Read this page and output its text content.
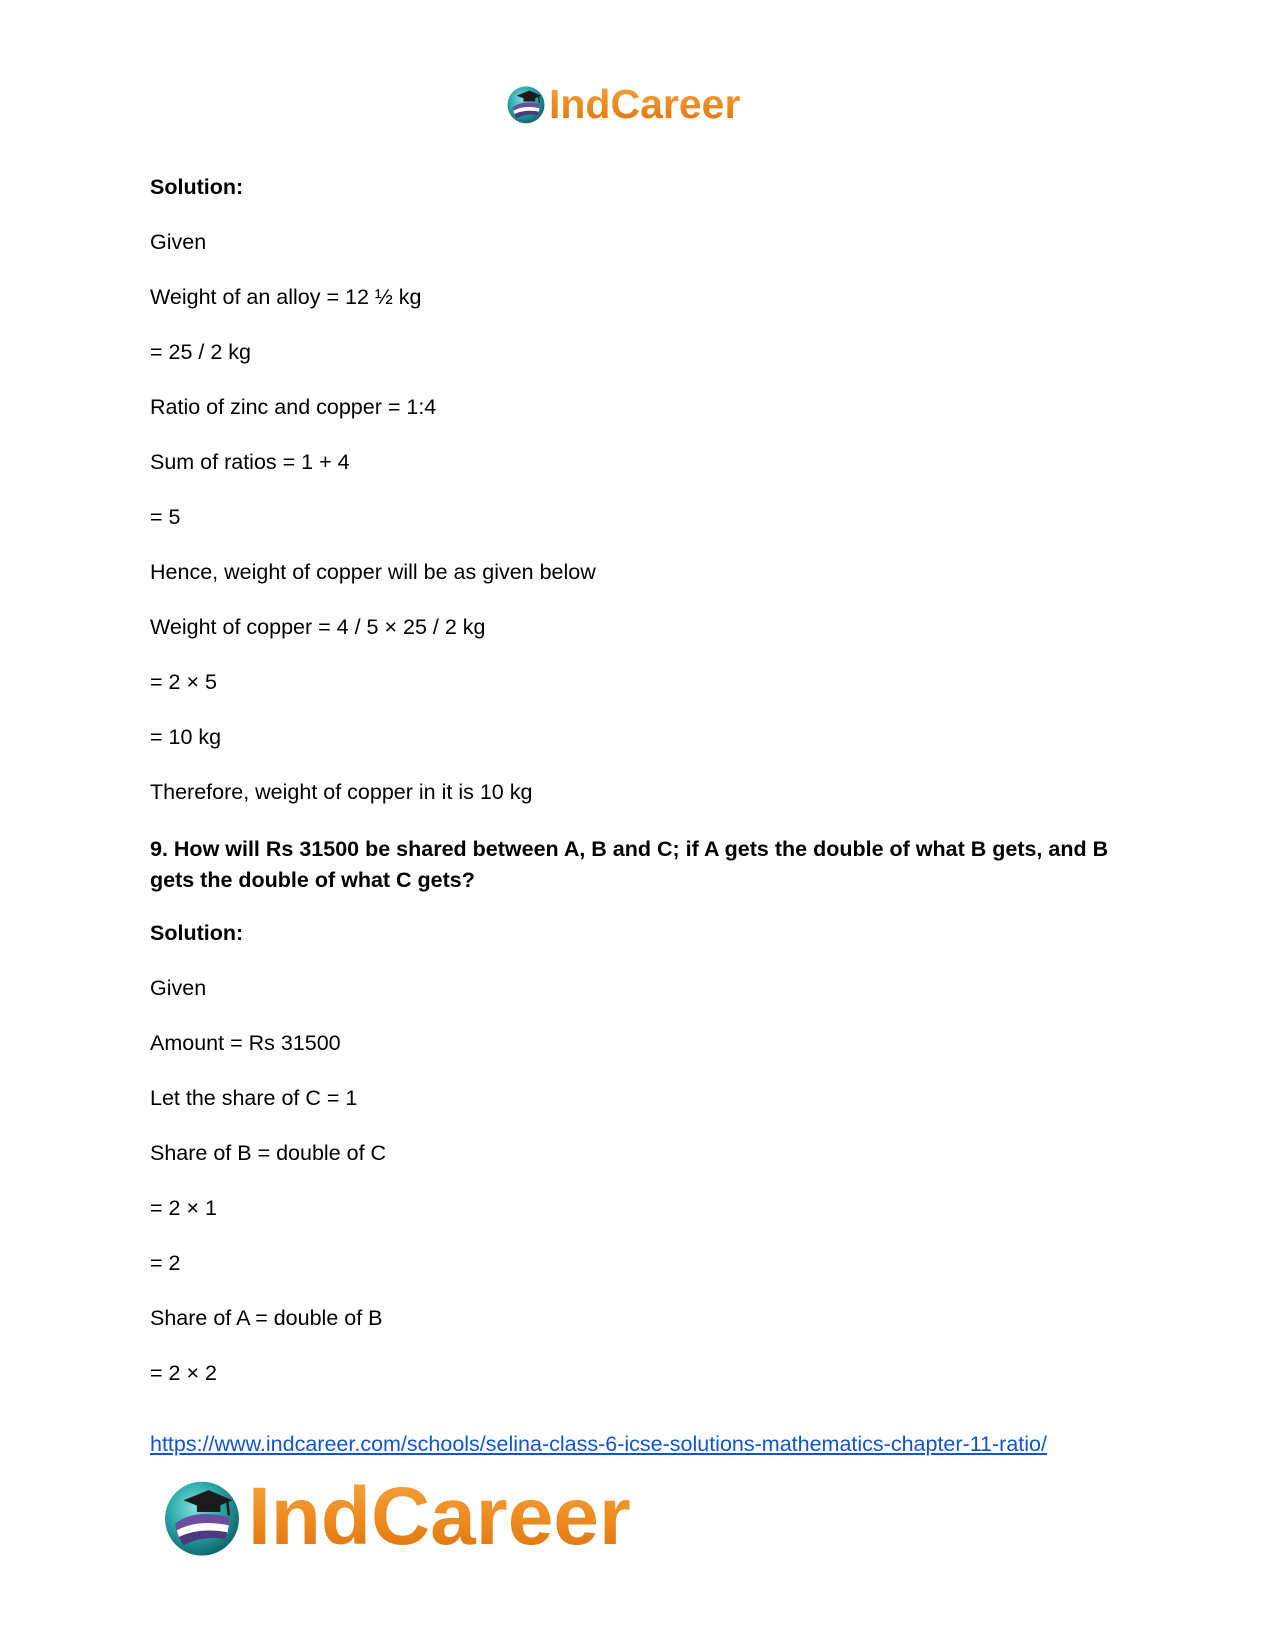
IndCareer
Solution:
Given
Weight of an alloy = 12 ½ kg
= 25 / 2 kg
Ratio of zinc and copper = 1:4
Sum of ratios = 1 + 4
= 5
Hence, weight of copper will be as given below
Weight of copper = 4 / 5 × 25 / 2 kg
= 2 × 5
= 10 kg
Therefore, weight of copper in it is 10 kg
9. How will Rs 31500 be shared between A, B and C; if A gets the double of what B gets, and B gets the double of what C gets?
Solution:
Given
Amount = Rs 31500
Let the share of C = 1
Share of B = double of C
= 2 × 1
= 2
Share of A = double of B
= 2 × 2
https://www.indcareer.com/schools/selina-class-6-icse-solutions-mathematics-chapter-11-ratio/
IndCareer
